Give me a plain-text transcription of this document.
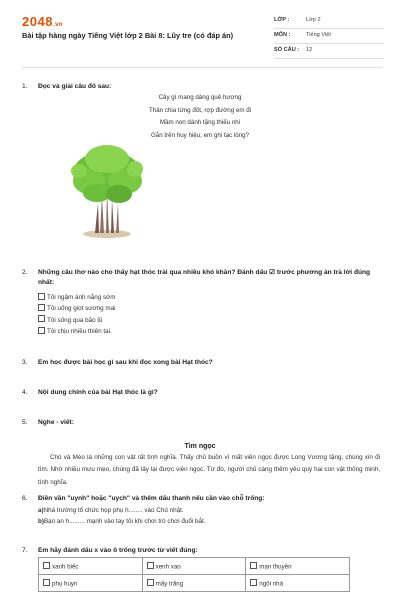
2048.vn
Bài tập hàng ngày Tiếng Việt lớp 2 Bài 8: Lũy tre (có đáp án)
LỚP :	Lớp 2
MÔN :	Tiếng Việt
SỐ CÂU : 12
1. Đọc và giải câu đố sau:
Cây gì mang dáng quê hương
Thân chia từng đốt, rợp đường em đi
Mầm non dành tặng thiếu nhi
Gắn trên huy hiệu, em ghi tạc lòng?
2. Những câu thơ nào cho thấy hạt thóc trải qua nhiều khó khăn? Đánh dấu ☑ trước phương án trả lời đúng nhất:
Tôi ngậm ánh nắng sớm
Tôi uống giọt sương mai
Tôi sống qua bão lũ
Tôi chịu nhiều thiên tai.
3. Em học được bài học gì sau khi đọc xong bài Hạt thóc?
4. Nội dung chính của bài Hạt thóc là gì?
5. Nghe - viết:
Tìm ngọc
Chó và Mèo là những con vật rất tình nghĩa. Thấy chủ buồn vì mất viên ngọc được Long Vương tặng, chúng xin đi tìm. Nhờ nhiều mưu mẹo, chúng đã lấy lại được viên ngọc. Từ đó, người chủ càng thêm yêu quý hai con vật thông minh, tình nghĩa.
6. Điền vần "uynh" hoặc "uych" và thêm dấu thanh nếu cần vào chỗ trống:
a)Nhà trường tổ chức họp phụ h........ vào Chủ nhật.
b)Bạn an h......... mạnh vào tay tôi khi chơi trò chơi đuổi bắt.
7. Em hãy đánh dấu x vào ô trống trước từ viết đúng:
xanh biếc	xenh xao	mạn thuyền
phụ huyn	mấy trắng	ngôi nhà
